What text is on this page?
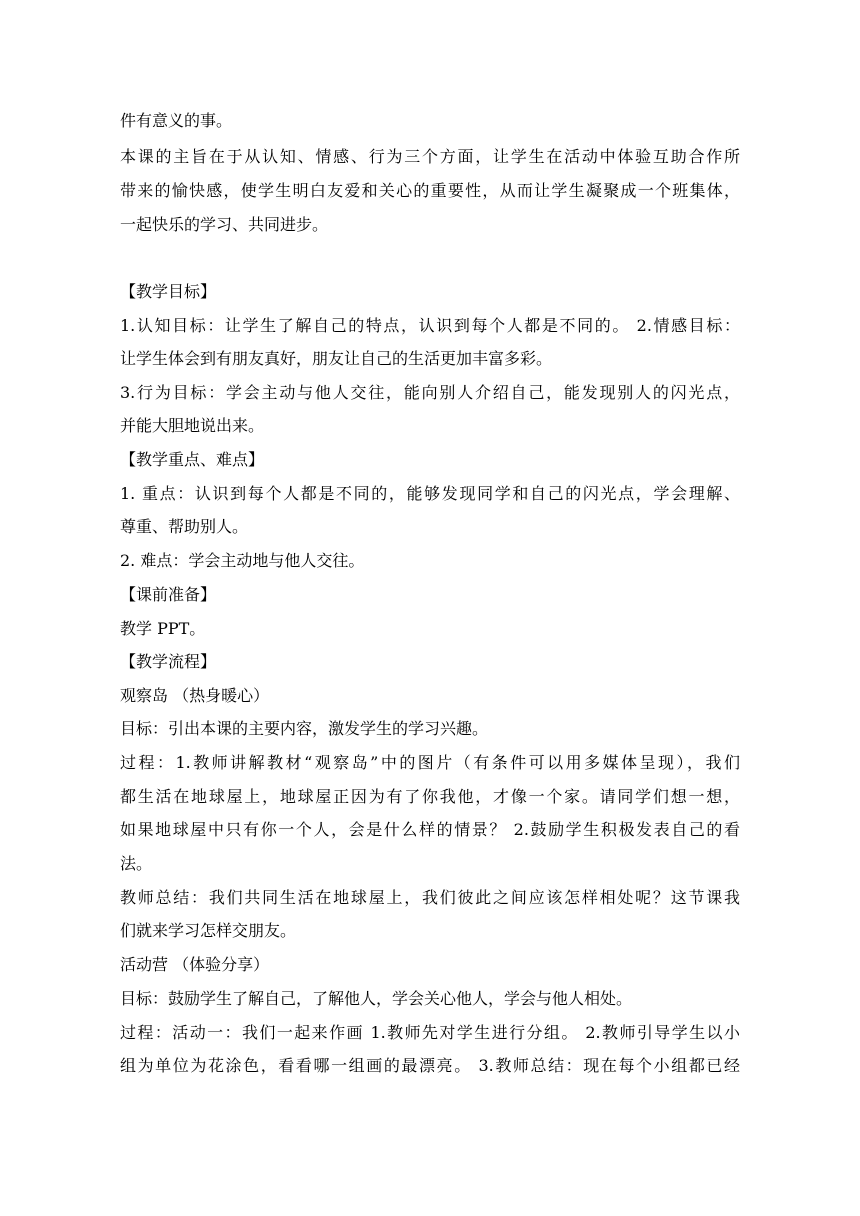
件有意义的事。
本课的主旨在于从认知、情感、行为三个方面，让学生在活动中体验互助合作所
带来的愉快感，使学生明白友爱和关心的重要性，从而让学生凝聚成一个班集体，
一起快乐的学习、共同进步。
【教学目标】
1.认知目标：让学生了解自己的特点，认识到每个人都是不同的。 2.情感目标：
让学生体会到有朋友真好，朋友让自己的生活更加丰富多彩。
3.行为目标：学会主动与他人交往，能向别人介绍自己，能发现别人的闪光点，
并能大胆地说出来。
【教学重点、难点】
1. 重点：认识到每个人都是不同的，能够发现同学和自己的闪光点，学会理解、
尊重、帮助别人。
2. 难点：学会主动地与他人交往。
【课前准备】
教学 PPT。
【教学流程】
观察岛 （热身暖心）
目标：引出本课的主要内容，激发学生的学习兴趣。
过程：1.教师讲解教材“观察岛”中的图片（有条件可以用多媒体呈现），我们
都生活在地球屋上，地球屋正因为有了你我他，才像一个家。请同学们想一想，
如果地球屋中只有你一个人，会是什么样的情景？ 2.鼓励学生积极发表自己的看
法。
教师总结：我们共同生活在地球屋上，我们彼此之间应该怎样相处呢？这节课我
们就来学习怎样交朋友。
活动营 （体验分享）
目标：鼓励学生了解自己，了解他人，学会关心他人，学会与他人相处。
过程：活动一：我们一起来作画 1.教师先对学生进行分组。 2.教师引导学生以小
组为单位为花涂色，看看哪一组画的最漂亮。 3.教师总结：现在每个小组都已经
